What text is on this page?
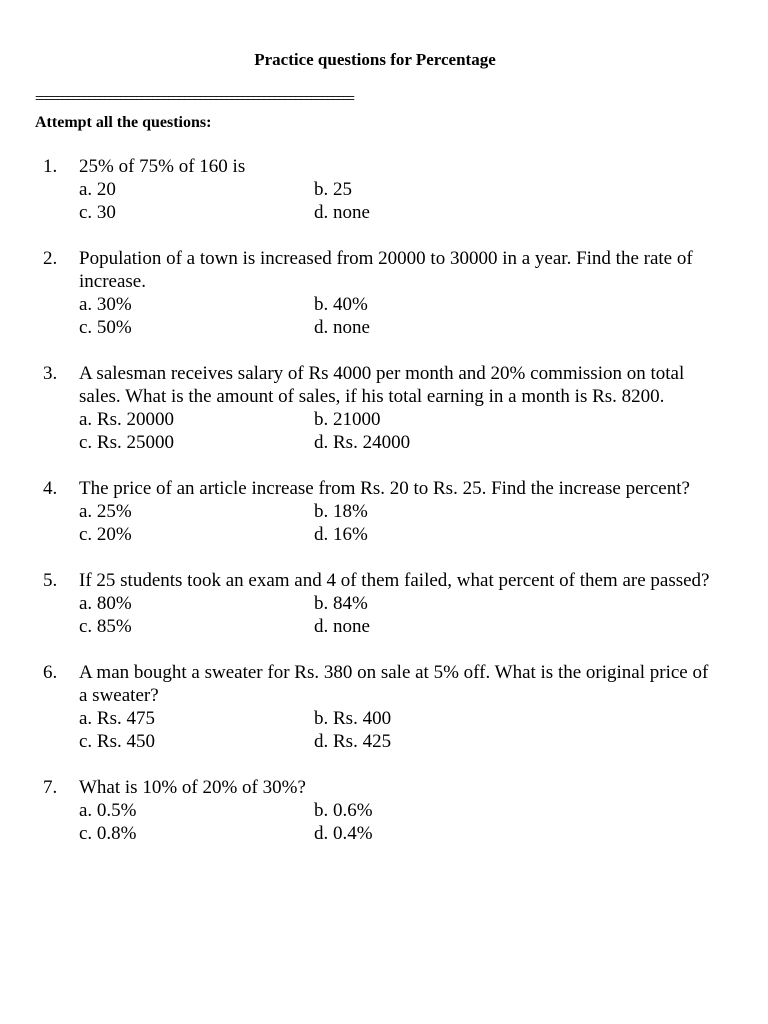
Practice questions for Percentage
============================================================
Attempt all the questions:
1. 25% of 75% of 160 is
a. 20	b. 25
c. 30	d. none
2. Population of a town is increased from 20000 to 30000 in a year. Find the rate of increase.
a. 30%	b. 40%
c. 50%	d. none
3. A salesman receives salary of Rs 4000 per month and 20% commission on total sales. What is the amount of sales, if his total earning in a month is Rs. 8200.
a. Rs. 20000	b. 21000
c. Rs. 25000	d. Rs. 24000
4. The price of an article increase from Rs. 20 to Rs. 25. Find the increase percent?
a. 25%	b. 18%
c. 20%	d. 16%
5. If 25 students took an exam and 4 of them failed, what percent of them are passed?
a. 80%	b. 84%
c. 85%	d. none
6. A man bought a sweater for Rs. 380 on sale at 5% off. What is the original price of a sweater?
a. Rs. 475	b. Rs. 400
c. Rs. 450	d. Rs. 425
7. What is 10% of 20% of 30%?
a. 0.5%	b. 0.6%
c. 0.8%	d. 0.4%
